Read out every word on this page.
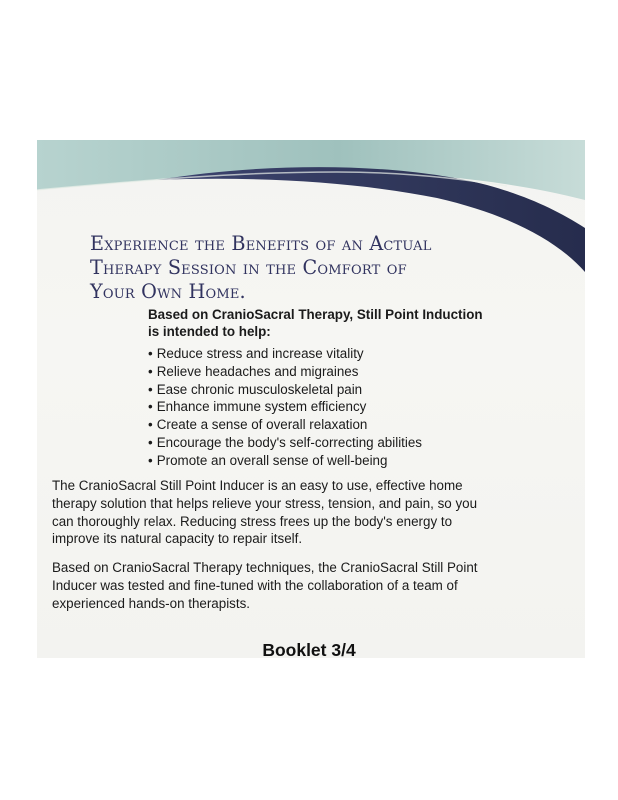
Experience the Benefits of an Actual
Therapy Session in the Comfort of
Your Own Home.
Based on CranioSacral Therapy, Still Point Induction
is intended to help:
• Reduce stress and increase vitality
• Relieve headaches and migraines
• Ease chronic musculoskeletal pain
• Enhance immune system efficiency
• Create a sense of overall relaxation
• Encourage the body's self-correcting abilities
• Promote an overall sense of well-being

The CranioSacral Still Point Inducer is an easy to use, effective home
therapy solution that helps relieve your stress, tension, and pain, so you
can thoroughly relax. Reducing stress frees up the body's energy to
improve its natural capacity to repair itself.

Based on CranioSacral Therapy techniques, the CranioSacral Still Point
Inducer was tested and fine-tuned with the collaboration of a team of
experienced hands-on therapists.

Booklet 3/4
